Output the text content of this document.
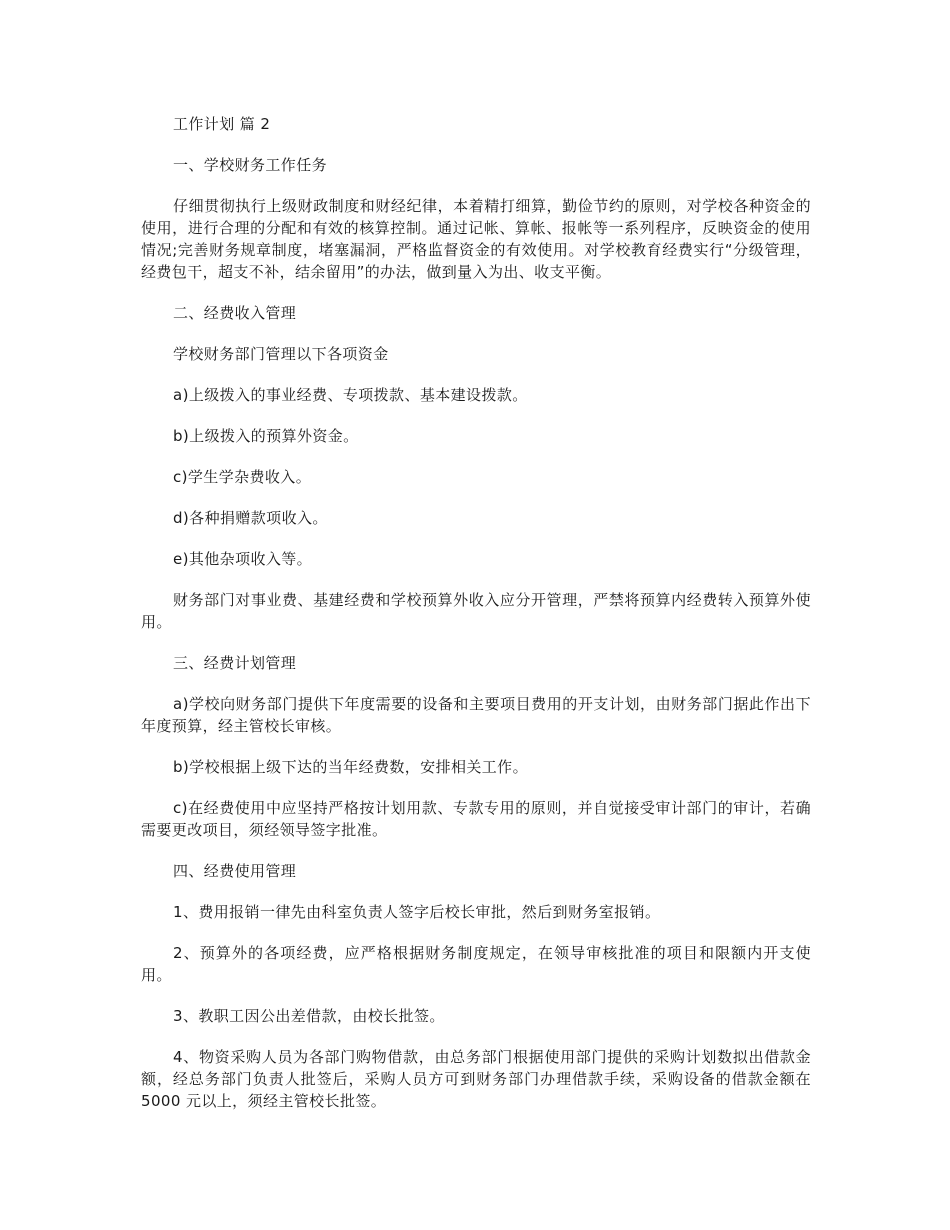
工作计划 篇 2

一、学校财务工作任务

仔细贯彻执行上级财政制度和财经纪律，本着精打细算，勤俭节约的原则，对学校各种资金的使用，进行合理的分配和有效的核算控制。通过记帐、算帐、报帐等一系列程序，反映资金的使用情况;完善财务规章制度，堵塞漏洞，严格监督资金的有效使用。对学校教育经费实行“分级管理，经费包干，超支不补，结余留用”的办法，做到量入为出、收支平衡。

二、经费收入管理

学校财务部门管理以下各项资金

a)上级拨入的事业经费、专项拨款、基本建设拨款。

b)上级拨入的预算外资金。

c)学生学杂费收入。

d)各种捐赠款项收入。

e)其他杂项收入等。

财务部门对事业费、基建经费和学校预算外收入应分开管理，严禁将预算内经费转入预算外使用。

三、经费计划管理

a)学校向财务部门提供下年度需要的设备和主要项目费用的开支计划，由财务部门据此作出下年度预算，经主管校长审核。

b)学校根据上级下达的当年经费数，安排相关工作。

c)在经费使用中应坚持严格按计划用款、专款专用的原则，并自觉接受审计部门的审计，若确需要更改项目，须经领导签字批准。

四、经费使用管理

1、费用报销一律先由科室负责人签字后校长审批，然后到财务室报销。

2、预算外的各项经费，应严格根据财务制度规定，在领导审核批准的项目和限额内开支使用。

3、教职工因公出差借款，由校长批签。

4、物资采购人员为各部门购物借款，由总务部门根据使用部门提供的采购计划数拟出借款金额，经总务部门负责人批签后，采购人员方可到财务部门办理借款手续，采购设备的借款金额在 5000 元以上，须经主管校长批签。
